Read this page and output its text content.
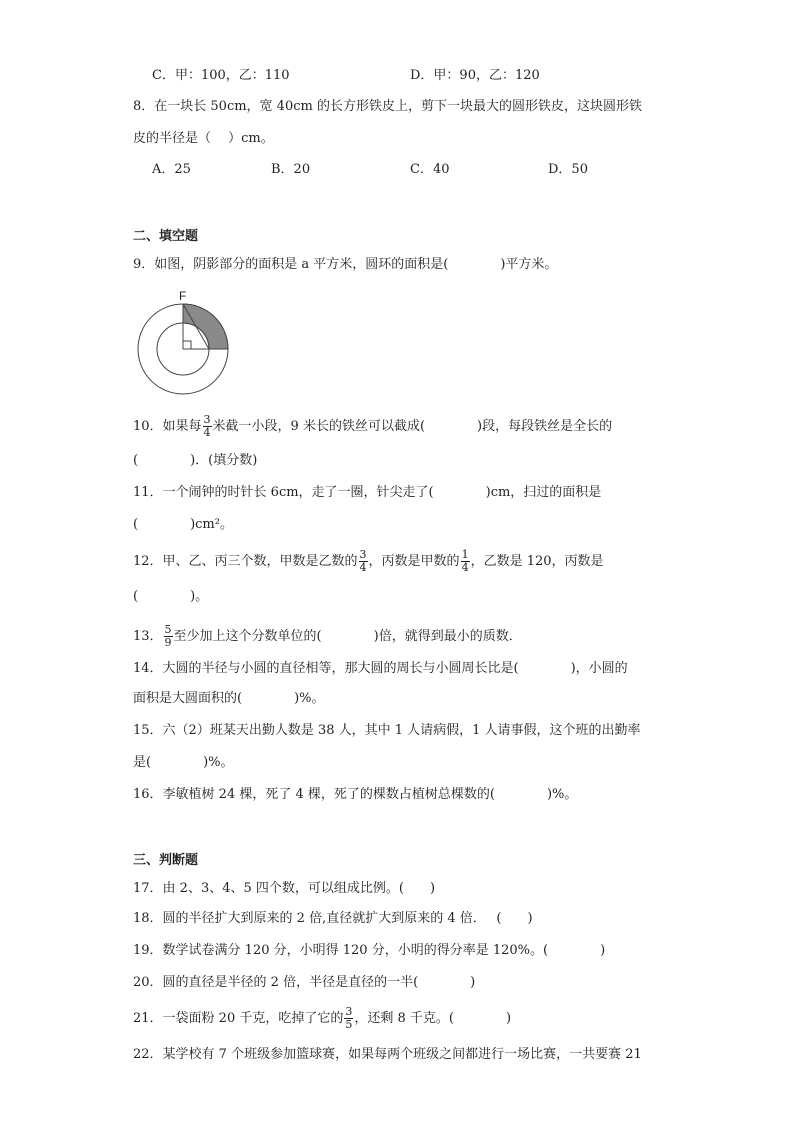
C．甲：100，乙：110	D．甲：90，乙：120
8．在一块长 50cm，宽 40cm 的长方形铁皮上，剪下一块最大的圆形铁皮，这块圆形铁
皮的半径是（　 ）cm。
A．25	B．20	C．40	D．50
二、填空题
9．如图，阴影部分的面积是 a 平方米，圆环的面积是(　　　　)平方米。
F
10．如果每 $\frac{3}{4}$ 米截一小段，9 米长的铁丝可以截成(　　　　)段，每段铁丝是全长的
(　　　　)．(填分数)
11．一个闹钟的时针长 6cm，走了一圈，针尖走了(　　　　)cm，扫过的面积是
(　　　　)cm²。
12．甲、乙、丙三个数，甲数是乙数的 $\frac{3}{4}$ ，丙数是甲数的 $\frac{1}{4}$ ，乙数是 120，丙数是
(　　　　)。
13． $\frac{5}{9}$ 至少加上这个分数单位的(　　　　)倍，就得到最小的质数．
14．大圆的半径与小圆的直径相等，那大圆的周长与小圆周长比是(　　　　)，小圆的
面积是大圆面积的(　　　　)%。
15．六（2）班某天出勤人数是 38 人，其中 1 人请病假，1 人请事假，这个班的出勤率
是(　　　　)%。
16．李敏植树 24 棵，死了 4 棵，死了的棵数占植树总棵数的(　　　　)%。
三、判断题
17．由 2、3、4、5 四个数，可以组成比例。(　　)
18．圆的半径扩大到原来的 2 倍,直径就扩大到原来的 4 倍．　 (　　)
19．数学试卷满分 120 分，小明得 120 分，小明的得分率是 120%。(　　　　)
20．圆的直径是半径的 2 倍，半径是直径的一半(　　　　)
21．一袋面粉 20 千克，吃掉了它的 $\frac{3}{5}$ ，还剩 8 千克。(　　　　)
22．某学校有 7 个班级参加篮球赛，如果每两个班级之间都进行一场比赛，一共要赛 21
